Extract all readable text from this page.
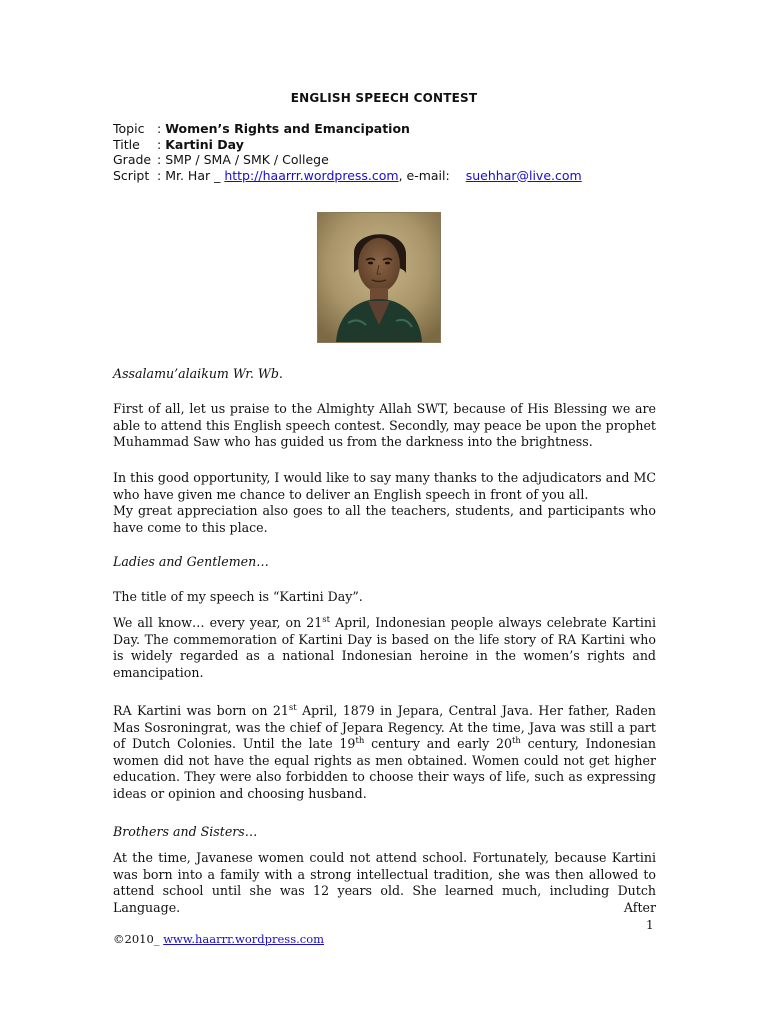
ENGLISH SPEECH CONTEST
Topic : Women’s Rights and Emancipation
Title : Kartini Day
Grade : SMP / SMA / SMK / College
Script : Mr. Har _ http://haarrr.wordpress.com, e-mail: suehhar@live.com
Assalamu’alaikum Wr. Wb.

First of all, let us praise to the Almighty Allah SWT, because of His Blessing we are able to attend this English speech contest. Secondly, may peace be upon the prophet Muhammad Saw who has guided us from the darkness into the brightness.

In this good opportunity, I would like to say many thanks to the adjudicators and MC who have given me chance to deliver an English speech in front of you all.

My great appreciation also goes to all the teachers, students, and participants who have come to this place.

Ladies and Gentlemen…
The title of my speech is “Kartini Day”.

We all know… every year, on 21st April, Indonesian people always celebrate Kartini Day. The commemoration of Kartini Day is based on the life story of RA Kartini who is widely regarded as a national Indonesian heroine in the women’s rights and emancipation.

RA Kartini was born on 21st April, 1879 in Jepara, Central Java. Her father, Raden Mas Sosroningrat, was the chief of Jepara Regency. At the time, Java was still a part of Dutch Colonies. Until the late 19th century and early 20th century, Indonesian women did not have the equal rights as men obtained. Women could not get higher education. They were also forbidden to choose their ways of life, such as expressing ideas or opinion and choosing husband.

Brothers and Sisters…

At the time, Javanese women could not attend school. Fortunately, because Kartini was born into a family with a strong intellectual tradition, she was then allowed to attend school until she was 12 years old. She learned much, including Dutch Language. After

1
©2010_ www.haarrr.wordpress.com
